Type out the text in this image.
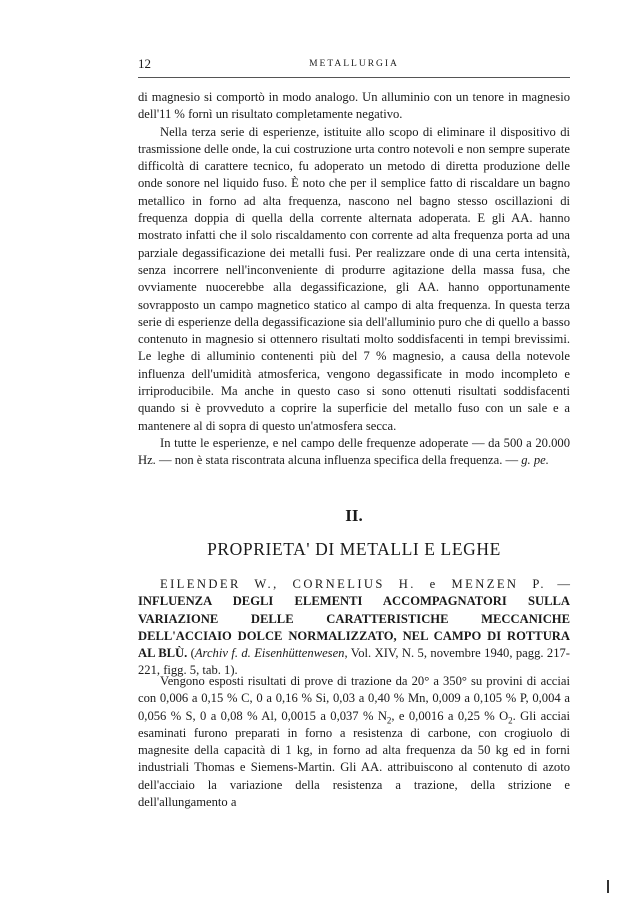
12	METALLURGIA

di magnesio si comportò in modo analogo. Un alluminio con un tenore in magnesio dell'11 % fornì un risultato completamente negativo.

Nella terza serie di esperienze, istituite allo scopo di eliminare il dispositivo di trasmissione delle onde, la cui costruzione urta contro notevoli e non sempre superate difficoltà di carattere tecnico, fu adoperato un metodo di diretta produzione delle onde sonore nel liquido fuso. È noto che per il semplice fatto di riscaldare un bagno metallico in forno ad alta frequenza, nascono nel bagno stesso oscillazioni di frequenza doppia di quella della corrente alternata adoperata. E gli AA. hanno mostrato infatti che il solo riscaldamento con corrente ad alta frequenza porta ad una parziale degassificazione dei metalli fusi. Per realizzare onde di una certa intensità, senza incorrere nell'inconveniente di produrre agitazione della massa fusa, che ovviamente nuocerebbe alla degassificazione, gli AA. hanno opportunamente sovrapposto un campo magnetico statico al campo di alta frequenza. In questa terza serie di esperienze della degassificazione sia dell'alluminio puro che di quello a basso contenuto in magnesio si ottennero risultati molto soddisfacenti in tempi brevissimi. Le leghe di alluminio contenenti più del 7 % magnesio, a causa della notevole influenza dell'umidità atmosferica, vengono degassificate in modo incompleto e irriproducibile. Ma anche in questo caso si sono ottenuti risultati soddisfacenti quando si è provveduto a coprire la superficie del metallo fuso con un sale e a mantenere al di sopra di questo un'atmosfera secca.

In tutte le esperienze, e nel campo delle frequenze adoperate — da 500 a 20.000 Hz. — non è stata riscontrata alcuna influenza specifica della frequenza. — g. pe.

II.
PROPRIETA' DI METALLI E LEGHE

EILENDER W., CORNELIUS H. e MENZEN P. — INFLUENZA DEGLI ELEMENTI ACCOMPAGNATORI SULLA VARIAZIONE DELLE CARATTERISTICHE MECCANICHE DELL'ACCIAIO DOLCE NORMALIZZATO, NEL CAMPO DI ROTTURA AL BLÙ. (Archiv f. d. Eisenhüttenwesen, Vol. XIV, N. 5, novembre 1940, pagg. 217-221, figg. 5, tab. 1).

Vengono esposti risultati di prove di trazione da 20° a 350° su provini di acciai con 0,006 a 0,15 % C, 0 a 0,16 % Si, 0,03 a 0,40 % Mn, 0,009 a 0,105 % P, 0,004 a 0,056 % S, 0 a 0,08 % Al, 0,0015 a 0,037 % $N_2$, e 0,0016 a 0,25 % $O_2$. Gli acciai esaminati furono preparati in forno a resistenza di carbone, con crogiuolo di magnesite della capacità di 1 kg, in forno ad alta frequenza da 50 kg ed in forni industriali Thomas e Siemens-Martin. Gli AA. attribuiscono al contenuto di azoto dell'acciaio la variazione della resistenza a trazione, della strizione e dell'allungamento a
